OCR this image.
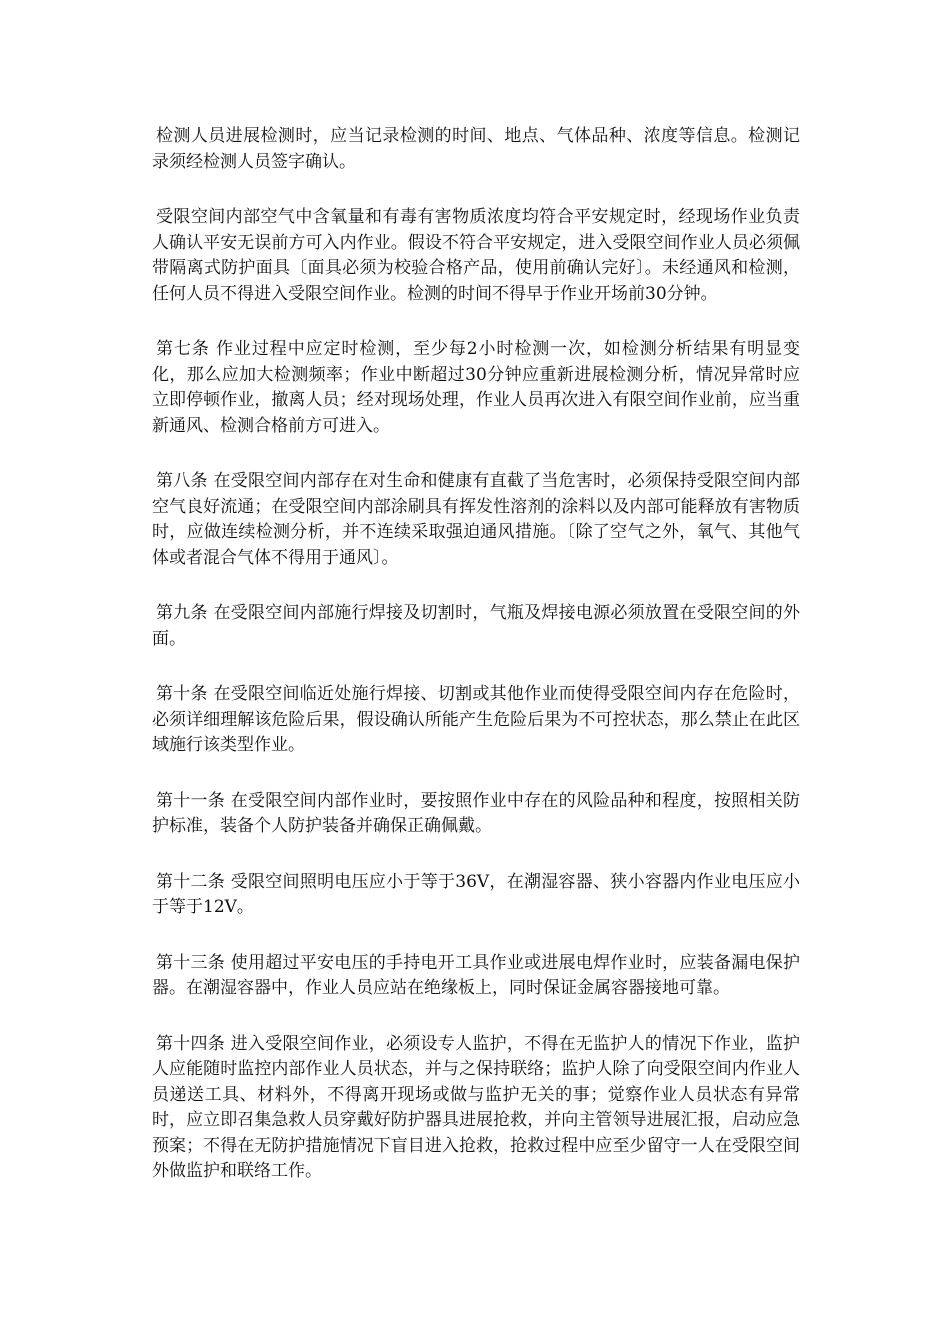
检测人员进展检测时，应当记录检测的时间、地点、气体品种、浓度等信息。检测记录须经检测人员签字确认。

受限空间内部空气中含氧量和有毒有害物质浓度均符合平安规定时，经现场作业负责人确认平安无误前方可入内作业。假设不符合平安规定，进入受限空间作业人员必须佩带隔离式防护面具〔面具必须为校验合格产品，使用前确认完好〕。未经通风和检测，任何人员不得进入受限空间作业。检测的时间不得早于作业开场前30分钟。

第七条 作业过程中应定时检测，至少每2小时检测一次，如检测分析结果有明显变化，那么应加大检测频率；作业中断超过30分钟应重新进展检测分析，情况异常时应立即停顿作业，撤离人员；经对现场处理，作业人员再次进入有限空间作业前，应当重新通风、检测合格前方可进入。

第八条 在受限空间内部存在对生命和健康有直截了当危害时，必须保持受限空间内部空气良好流通；在受限空间内部涂刷具有挥发性溶剂的涂料以及内部可能释放有害物质时，应做连续检测分析，并不连续采取强迫通风措施。〔除了空气之外，氧气、其他气体或者混合气体不得用于通风〕。

第九条 在受限空间内部施行焊接及切割时，气瓶及焊接电源必须放置在受限空间的外面。

第十条 在受限空间临近处施行焊接、切割或其他作业而使得受限空间内存在危险时，必须详细理解该危险后果，假设确认所能产生危险后果为不可控状态，那么禁止在此区域施行该类型作业。

第十一条 在受限空间内部作业时，要按照作业中存在的风险品种和程度，按照相关防护标准，装备个人防护装备并确保正确佩戴。

第十二条 受限空间照明电压应小于等于36V，在潮湿容器、狭小容器内作业电压应小于等于12V。

第十三条 使用超过平安电压的手持电开工具作业或进展电焊作业时，应装备漏电保护器。在潮湿容器中，作业人员应站在绝缘板上，同时保证金属容器接地可靠。

第十四条 进入受限空间作业，必须设专人监护，不得在无监护人的情况下作业，监护人应能随时监控内部作业人员状态，并与之保持联络；监护人除了向受限空间内作业人员递送工具、材料外，不得离开现场或做与监护无关的事；觉察作业人员状态有异常时，应立即召集急救人员穿戴好防护器具进展抢救，并向主管领导进展汇报，启动应急预案；不得在无防护措施情况下盲目进入抢救，抢救过程中应至少留守一人在受限空间外做监护和联络工作。
